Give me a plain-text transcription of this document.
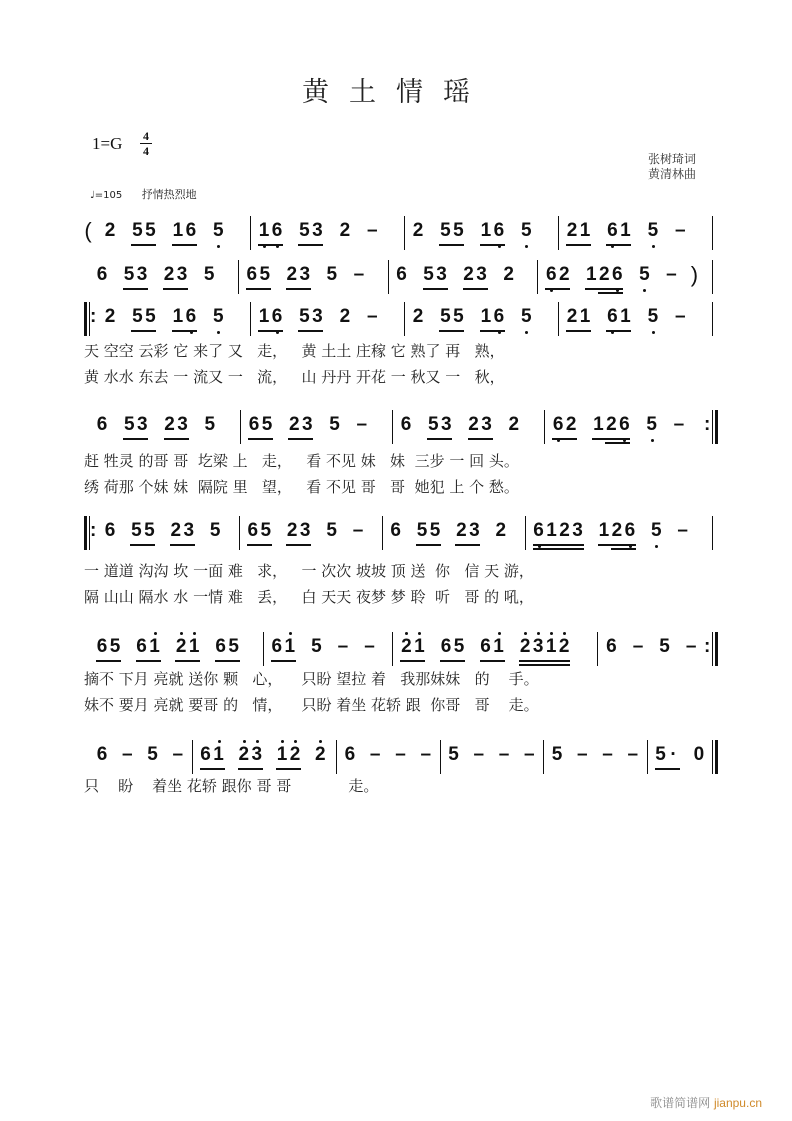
黄土情瑶
1=G 4
4
张树琦词
黄清林曲
♩=105 抒情热烈地
( 2 5 5 1 6 5 1 6 5 3 2 – 2 5 5 1 6 5 2 1 6 1 5 –
6 5 3 2 3 5 6 5 2 3 5 – 6 5 3 2 3 2 6 2 1 2 6 5 – )
: 2 5 5 1 6 5 1 6 5 3 2 – 2 5 5 1 6 5 2 1 6 1 5 –
天 空空 云彩 它 来了 又   走，   黄 土土 庄稼 它 熟了 再   熟，
黄 水水 东去 一 流又 一   流，   山 丹丹 开花 一 秋又 一   秋，
6 5 3 2 3 5 6 5 2 3 5 – 6 5 3 2 3 2 6 2 1 2 6 5 – :
赶 牲灵 的哥 哥  圪梁 上   走，   看 不见 妹   妹  三步 一 回 头。
绣 荷那 个妹 妹  隔院 里   望，   看 不见 哥   哥  她犯 上 个 愁。
: 6 5 5 2 3 5 6 5 2 3 5 – 6 5 5 2 3 2 6 1 2 3 1 2 6 5 –
一 道道 沟沟 坎 一面 难   求，   一 次次 坡坡 顶 送  你   信 天 游，
隔 山山 隔水 水 一情 难   丢，   白 天天 夜梦 梦 聆  听   哥 的 吼，
6 5 6 1 2 1 6 5 6 1 5 – – 2 1 6 5 6 1 2 3 1 2 6 – 5 – :
摘不 下月 亮就 送你 颗   心，    只盼 望拉 着   我那妹妹   的    手。
妹不 要月 亮就 要哥 的   情，    只盼 着坐 花轿 跟  你哥   哥    走。
6 – 5 – 6 1 2 3 1 2 2 6 – – – 5 – – – 5 – – – 5 · 0
只    盼    着坐 花轿 跟你 哥 哥            走。
歌谱简谱网 jianpu.cn
